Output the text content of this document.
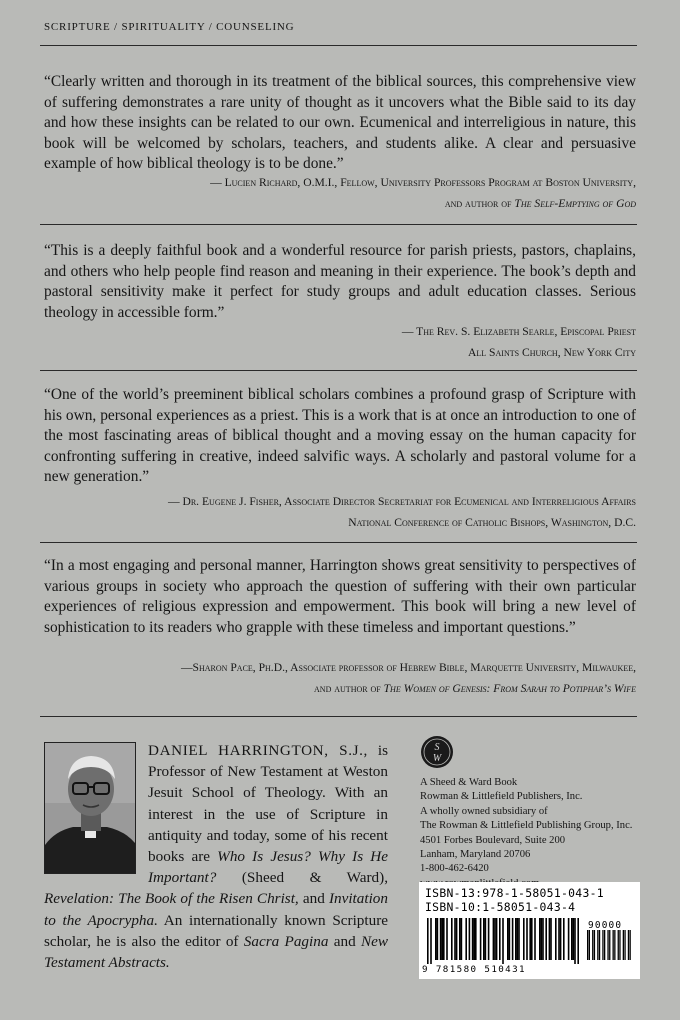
SCRIPTURE / SPIRITUALITY / COUNSELING
“Clearly written and thorough in its treatment of the biblical sources, this comprehensive view of suffering demonstrates a rare unity of thought as it uncovers what the Bible said to its day and how these insights can be related to our own. Ecumenical and interreligious in nature, this book will be welcomed by scholars, teachers, and students alike. A clear and persuasive example of how biblical theology is to be done.”
— Lucien Richard, O.M.I., Fellow, University Professors Program at Boston University,
and author of The Self-Emptying of God
“This is a deeply faithful book and a wonderful resource for parish priests, pastors, chaplains, and others who help people find reason and meaning in their experience. The book’s depth and pastoral sensitivity make it perfect for study groups and adult education classes. Serious theology in accessible form.”
— The Rev. S. Elizabeth Searle, Episcopal Priest
All Saints Church, New York City
“One of the world’s preeminent biblical scholars combines a profound grasp of Scripture with his own, personal experiences as a priest. This is a work that is at once an introduction to one of the most fascinating areas of biblical thought and a moving essay on the human capacity for confronting suffering in creative, indeed salvific ways. A scholarly and pastoral volume for a new generation.”
— Dr. Eugene J. Fisher, Associate Director Secretariat for Ecumenical and Interreligious Affairs
National Conference of Catholic Bishops, Washington, D.C.
“In a most engaging and personal manner, Harrington shows great sensitivity to perspectives of various groups in society who approach the question of suffering with their own particular experiences of religious expression and empowerment. This book will bring a new level of sophistication to its readers who grapple with these timeless and important questions.”
—Sharon Pace, Ph.D., Associate professor of Hebrew Bible, Marquette University, Milwaukee,
and author of The Women of Genesis: From Sarah to Potiphar’s Wife
DANIEL HARRINGTON, S.J., is Professor of New Testament at Weston Jesuit School of Theology. With an interest in the use of Scripture in antiquity and today, some of his recent books are Who Is Jesus? Why Is He Important? (Sheed & Ward), Revelation: The Book of the Risen Christ, and Invitation to the Apocrypha. An internationally known Scripture scholar, he is also the editor of Sacra Pagina and New Testament Abstracts.
S
W
A Sheed & Ward Book
Rowman & Littlefield Publishers, Inc.
A wholly owned subsidiary of
The Rowman & Littlefield Publishing Group, Inc.
4501 Forbes Boulevard, Suite 200
Lanham, Maryland 20706
1-800-462-6420
ISBN-13:978-1-58051-043-1
ISBN-10:1-58051-043-4
90000
9 781580 510431
